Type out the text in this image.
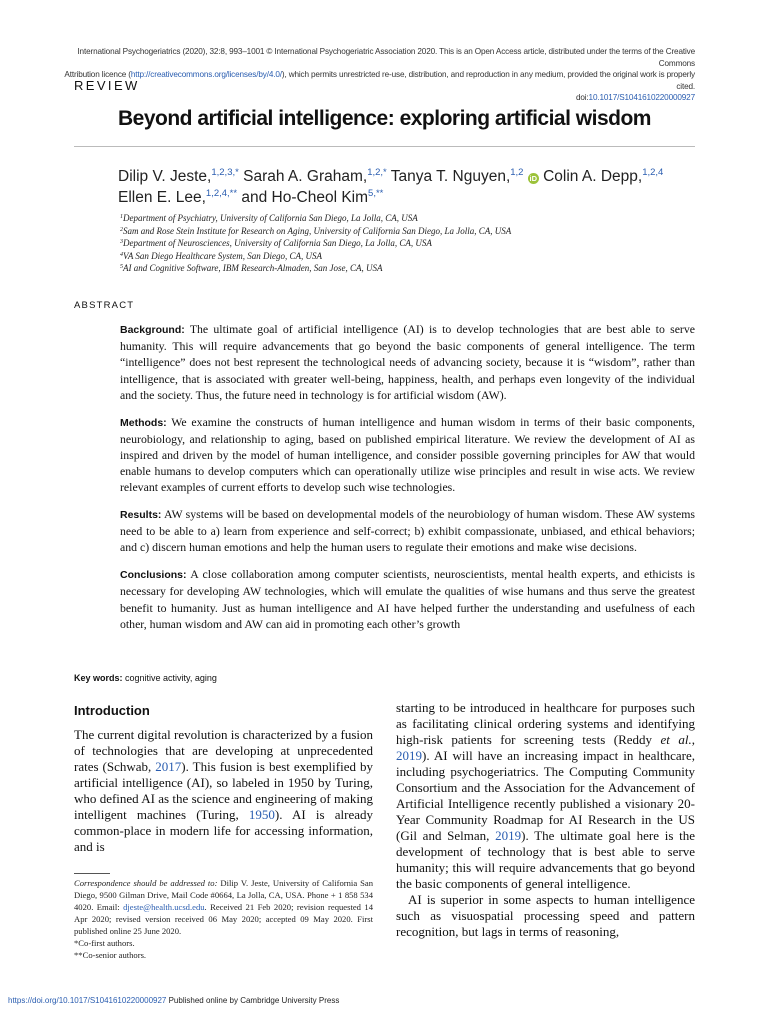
International Psychogeriatrics (2020), 32:8, 993–1001 © International Psychogeriatric Association 2020. This is an Open Access article, distributed under the terms of the Creative Commons
Attribution licence (http://creativecommons.org/licenses/by/4.0/), which permits unrestricted re-use, distribution, and reproduction in any medium, provided the original work is properly cited.
doi:10.1017/S1041610220000927
REVIEW
Beyond artificial intelligence: exploring artificial wisdom
Dilip V. Jeste,$^{1,2,3,*}$ Sarah A. Graham,$^{1,2,*}$ Tanya T. Nguyen,$^{1,2}$ iD Colin A. Depp,$^{1,2,4}$
Ellen E. Lee,$^{1,2,4,**}$ and Ho-Cheol Kim$^{5,**}$
$^1$Department of Psychiatry, University of California San Diego, La Jolla, CA, USA
$^2$Sam and Rose Stein Institute for Research on Aging, University of California San Diego, La Jolla, CA, USA
$^3$Department of Neurosciences, University of California San Diego, La Jolla, CA, USA
$^4$VA San Diego Healthcare System, San Diego, CA, USA
$^5$AI and Cognitive Software, IBM Research-Almaden, San Jose, CA, USA
ABSTRACT

Background: The ultimate goal of artificial intelligence (AI) is to develop technologies that are best able to serve humanity. This will require advancements that go beyond the basic components of general intelligence. The term “intelligence” does not best represent the technological needs of advancing society, because it is “wisdom”, rather than intelligence, that is associated with greater well-being, happiness, health, and perhaps even longevity of the individual and the society. Thus, the future need in technology is for artificial wisdom (AW).

Methods: We examine the constructs of human intelligence and human wisdom in terms of their basic components, neurobiology, and relationship to aging, based on published empirical literature. We review the development of AI as inspired and driven by the model of human intelligence, and consider possible governing principles for AW that would enable humans to develop computers which can operationally utilize wise principles and result in wise acts. We review relevant examples of current efforts to develop such wise technologies.

Results: AW systems will be based on developmental models of the neurobiology of human wisdom. These AW systems need to be able to a) learn from experience and self-correct; b) exhibit compassionate, unbiased, and ethical behaviors; and c) discern human emotions and help the human users to regulate their emotions and make wise decisions.

Conclusions: A close collaboration among computer scientists, neuroscientists, mental health experts, and ethicists is necessary for developing AW technologies, which will emulate the qualities of wise humans and thus serve the greatest benefit to humanity. Just as human intelligence and AI have helped further the understanding and usefulness of each other, human wisdom and AW can aid in promoting each other’s growth

Key words: cognitive activity, aging
Introduction

The current digital revolution is characterized by a fusion of technologies that are developing at unprecedented rates (Schwab, 2017). This fusion is best exemplified by artificial intelligence (AI), so labeled in 1950 by Turing, who defined AI as the science and engineering of making intelligent machines (Turing, 1950). AI is already common-place in modern life for accessing information, and is

Correspondence should be addressed to: Dilip V. Jeste, University of California San Diego, 9500 Gilman Drive, Mail Code #0664, La Jolla, CA, USA. Phone + 1 858 534 4020. Email: djeste@health.ucsd.edu. Received 21 Feb 2020; revision requested 14 Apr 2020; revised version received 06 May 2020; accepted 09 May 2020. First published online 25 June 2020.

*Co-first authors.

**Co-senior authors.

starting to be introduced in healthcare for purposes such as facilitating clinical ordering systems and identifying high-risk patients for screening tests (Reddy et al., 2019). AI will have an increasing impact in healthcare, including psychogeriatrics. The Computing Community Consortium and the Association for the Advancement of Artificial Intelligence recently published a visionary 20-Year Community Roadmap for AI Research in the US (Gil and Selman, 2019). The ultimate goal here is the development of technology that is best able to serve humanity; this will require advancements that go beyond the basic components of general intelligence.

AI is superior in some aspects to human intelligence such as visuospatial processing speed and pattern recognition, but lags in terms of reasoning,

https://doi.org/10.1017/S1041610220000927 Published online by Cambridge University Press
